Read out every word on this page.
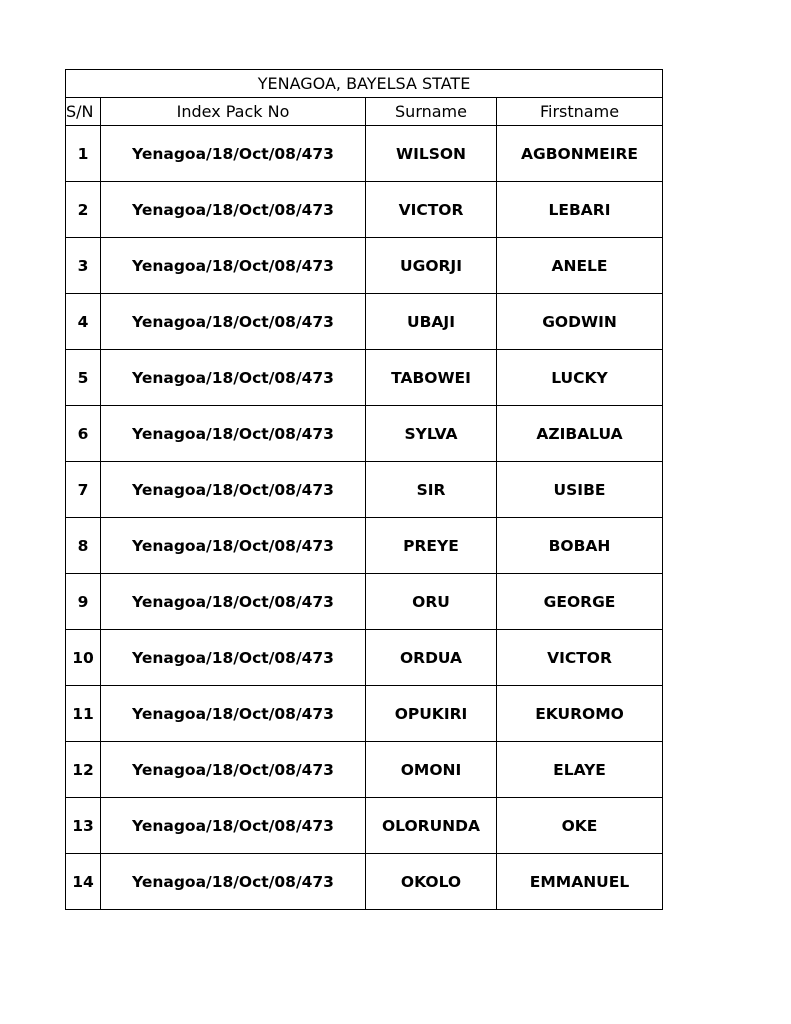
YENAGOA, BAYELSA STATE			
S/N	Index Pack No	Surname	Firstname
1	Yenagoa/18/Oct/08/473	WILSON	AGBONMEIRE
2	Yenagoa/18/Oct/08/473	VICTOR	LEBARI
3	Yenagoa/18/Oct/08/473	UGORJI	ANELE
4	Yenagoa/18/Oct/08/473	UBAJI	GODWIN
5	Yenagoa/18/Oct/08/473	TABOWEI	LUCKY
6	Yenagoa/18/Oct/08/473	SYLVA	AZIBALUA
7	Yenagoa/18/Oct/08/473	SIR	USIBE
8	Yenagoa/18/Oct/08/473	PREYE	BOBAH
9	Yenagoa/18/Oct/08/473	ORU	GEORGE
10	Yenagoa/18/Oct/08/473	ORDUA	VICTOR
11	Yenagoa/18/Oct/08/473	OPUKIRI	EKUROMO
12	Yenagoa/18/Oct/08/473	OMONI	ELAYE
13	Yenagoa/18/Oct/08/473	OLORUNDA	OKE
14	Yenagoa/18/Oct/08/473	OKOLO	EMMANUEL
